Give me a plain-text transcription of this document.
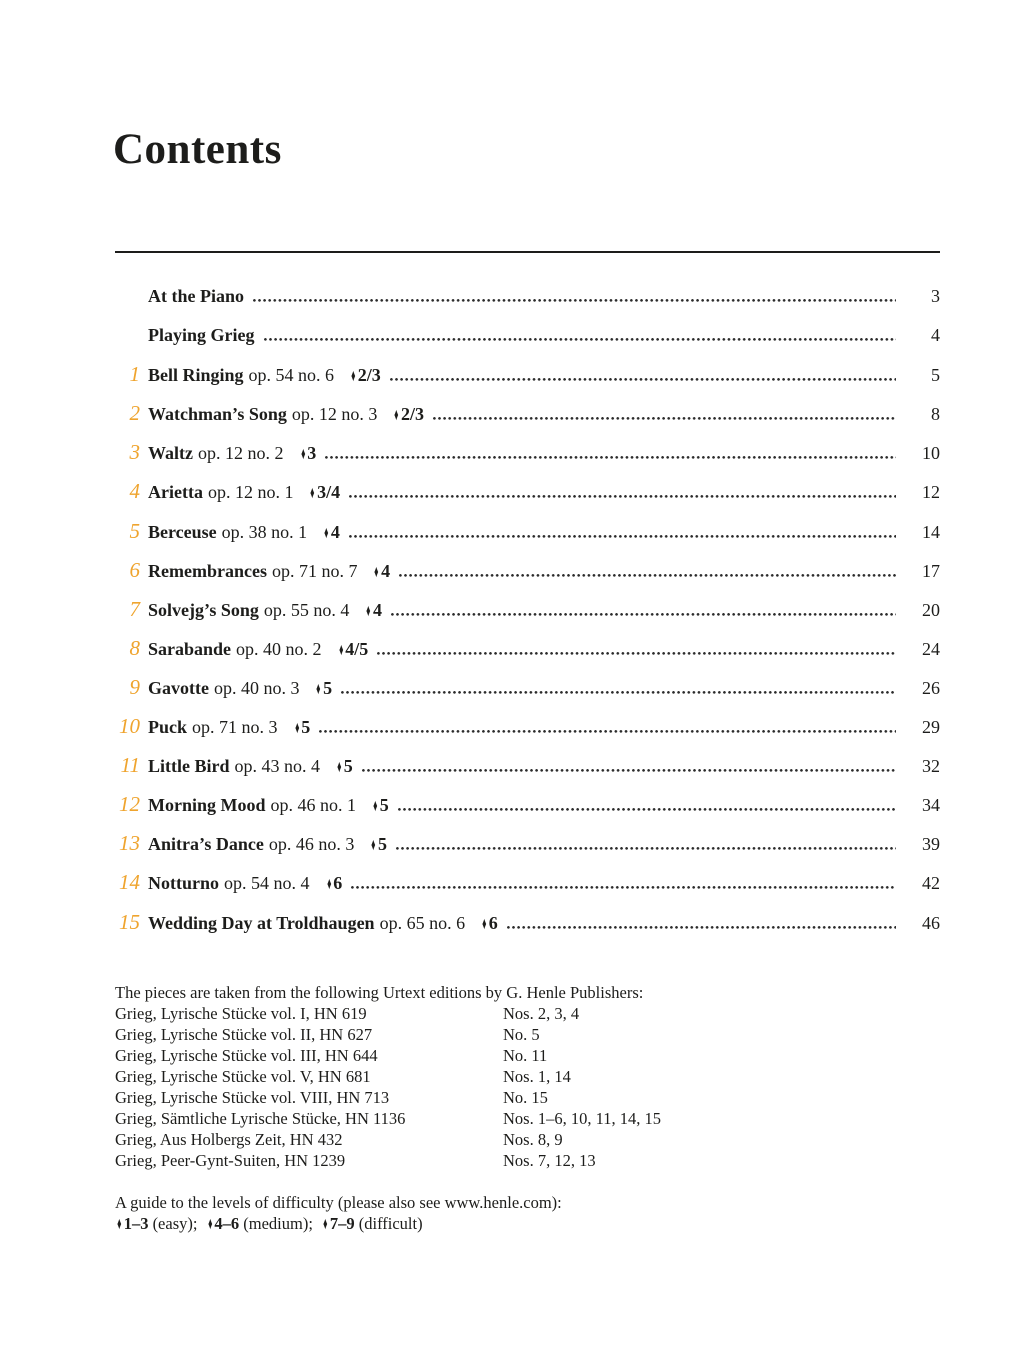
Contents
At the Piano	3
Playing Grieg	4
1 Bell Ringing op. 54 no. 6 ♦ 2/3	5
2 Watchman’s Song op. 12 no. 3 ♦ 2/3	8
3 Waltz op. 12 no. 2 ♦ 3	10
4 Arietta op. 12 no. 1 ♦ 3/4	12
5 Berceuse op. 38 no. 1 ♦ 4	14
6 Remembrances op. 71 no. 7 ♦ 4	17
7 Solvejg’s Song op. 55 no. 4 ♦ 4	20
8 Sarabande op. 40 no. 2 ♦ 4/5	24
9 Gavotte op. 40 no. 3 ♦ 5	26
10 Puck op. 71 no. 3 ♦ 5	29
11 Little Bird op. 43 no. 4 ♦ 5	32
12 Morning Mood op. 46 no. 1 ♦ 5	34
13 Anitra’s Dance op. 46 no. 3 ♦ 5	39
14 Notturno op. 54 no. 4 ♦ 6	42
15 Wedding Day at Troldhaugen op. 65 no. 6 ♦ 6	46
The pieces are taken from the following Urtext editions by G. Henle Publishers:
Grieg, Lyrische Stücke vol. I, HN 619	Nos. 2, 3, 4
Grieg, Lyrische Stücke vol. II, HN 627	No. 5
Grieg, Lyrische Stücke vol. III, HN 644	No. 11
Grieg, Lyrische Stücke vol. V, HN 681	Nos. 1, 14
Grieg, Lyrische Stücke vol. VIII, HN 713	No. 15
Grieg, Sämtliche Lyrische Stücke, HN 1136	Nos. 1–6, 10, 11, 14, 15
Grieg, Aus Holbergs Zeit, HN 432	Nos. 8, 9
Grieg, Peer-Gynt-Suiten, HN 1239	Nos. 7, 12, 13
A guide to the levels of difficulty (please also see www.henle.com):
♦ 1–3 (easy);  ♦ 4–6 (medium);  ♦ 7–9 (difficult)
